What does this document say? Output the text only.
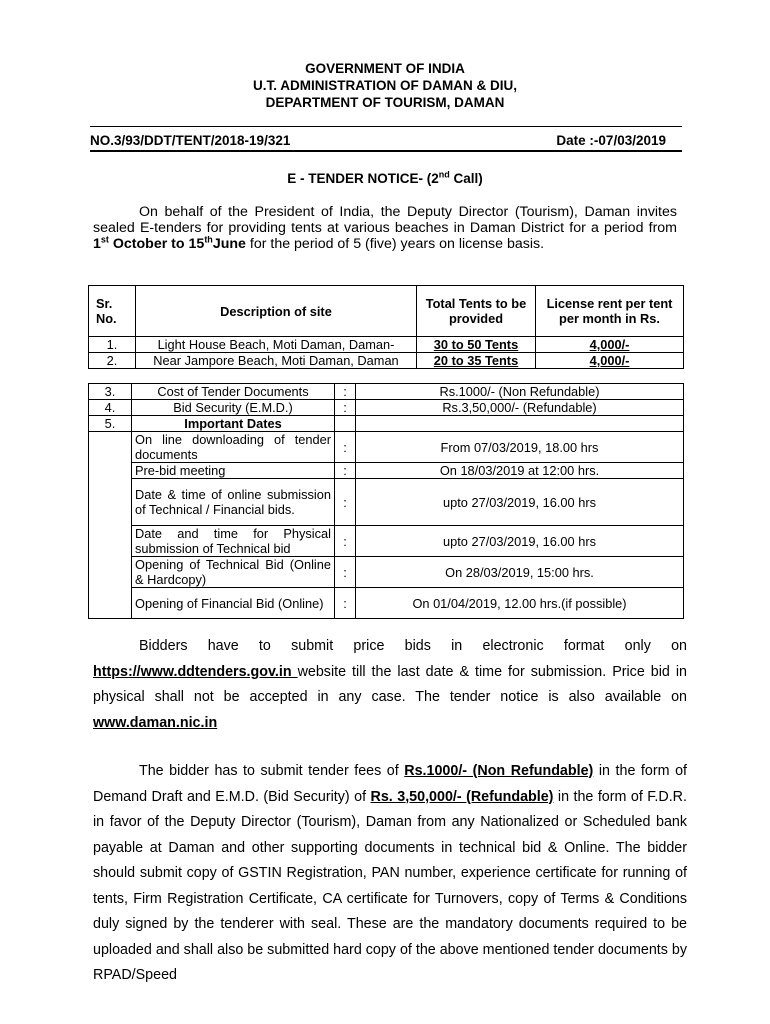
GOVERNMENT OF INDIA
U.T. ADMINISTRATION OF DAMAN & DIU,
DEPARTMENT OF TOURISM, DAMAN
NO.3/93/DDT/TENT/2018-19/321	Date :-07/03/2019
E - TENDER NOTICE- (2nd Call)
On behalf of the President of India, the Deputy Director (Tourism), Daman invites sealed E-tenders for providing tents at various beaches in Daman District for a period from 1st October to 15thJune for the period of 5 (five) years on license basis.
Sr. No.	Description of site	Total Tents to be provided	License rent per tent per month in Rs.
1.	Light House Beach, Moti Daman, Daman-	30 to 50 Tents	4,000/-
2.	Near Jampore Beach, Moti Daman, Daman	20 to 35 Tents	4,000/-
3.	Cost of Tender Documents	:	Rs.1000/- (Non Refundable)
4.	Bid Security (E.M.D.)	:	Rs.3,50,000/- (Refundable)
5.	Important Dates		
	On line downloading of tender documents	:	From 07/03/2019, 18.00 hrs
	Pre-bid meeting	:	On 18/03/2019 at 12:00 hrs.
	Date & time of online submission of Technical / Financial bids.	:	upto 27/03/2019, 16.00 hrs
	Date and time for Physical submission of Technical bid	:	upto 27/03/2019, 16.00 hrs
	Opening of Technical Bid (Online & Hardcopy)	:	On 28/03/2019, 15:00 hrs.
	Opening of Financial Bid (Online)	:	On 01/04/2019, 12.00 hrs.(if possible)
Bidders have to submit price bids in electronic format only on https://www.ddtenders.gov.in website till the last date & time for submission. Price bid in physical shall not be accepted in any case. The tender notice is also available on www.daman.nic.in
The bidder has to submit tender fees of Rs.1000/- (Non Refundable) in the form of Demand Draft and E.M.D. (Bid Security) of Rs. 3,50,000/- (Refundable) in the form of F.D.R. in favor of the Deputy Director (Tourism), Daman from any Nationalized or Scheduled bank payable at Daman and other supporting documents in technical bid & Online. The bidder should submit copy of GSTIN Registration, PAN number, experience certificate for running of tents, Firm Registration Certificate, CA certificate for Turnovers, copy of Terms & Conditions duly signed by the tenderer with seal. These are the mandatory documents required to be uploaded and shall also be submitted hard copy of the above mentioned tender documents by RPAD/Speed
